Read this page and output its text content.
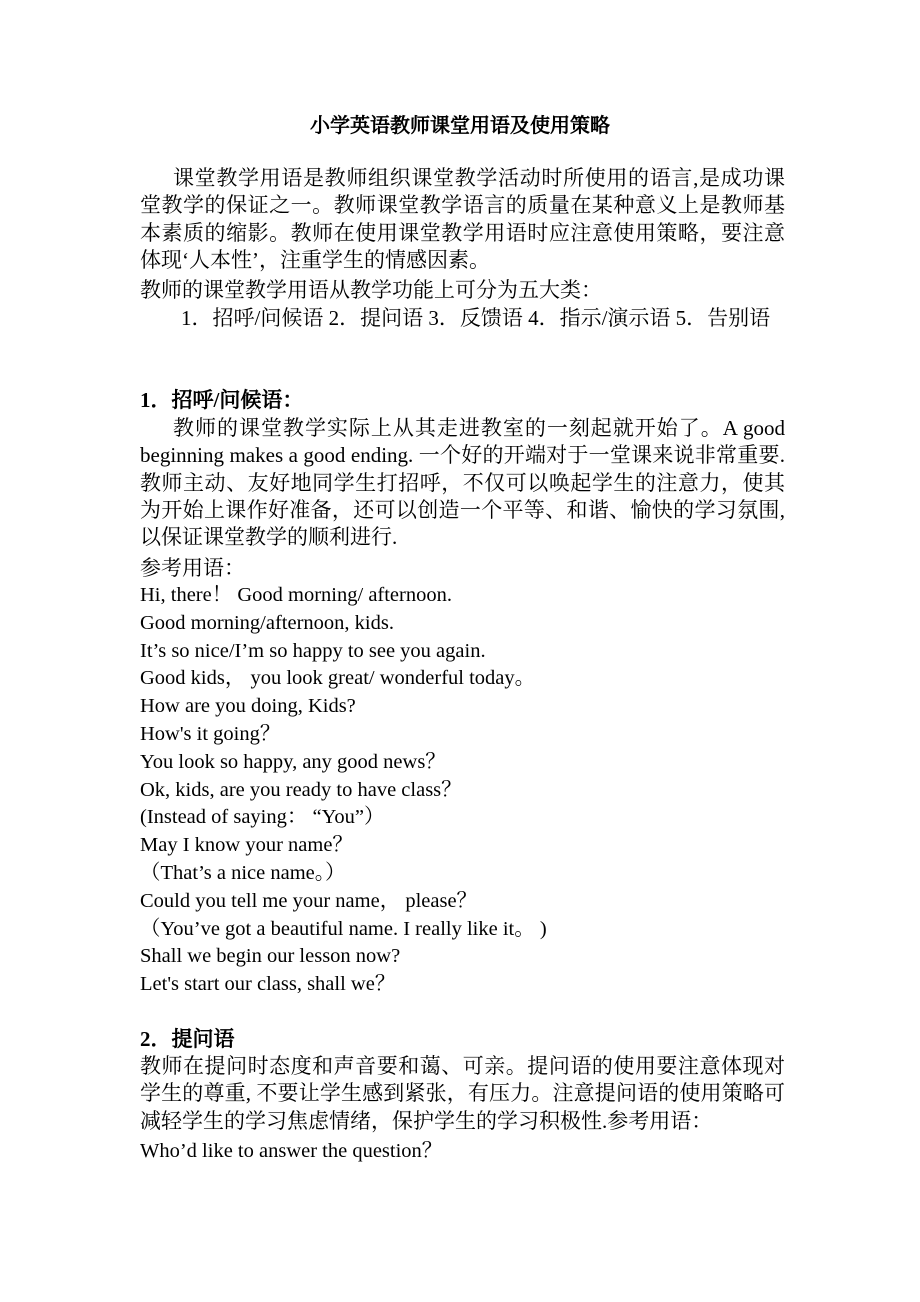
小学英语教师课堂用语及使用策略

课堂教学用语是教师组织课堂教学活动时所使用的语言,是成功课堂教学的保证之一。教师课堂教学语言的质量在某种意义上是教师基本素质的缩影。教师在使用课堂教学用语时应注意使用策略，要注意体现‘人本性’，注重学生的情感因素。

教师的课堂教学用语从教学功能上可分为五大类：

1．招呼/问候语 2．提问语 3．反馈语 4．指示/演示语 5．告别语

1．招呼/问候语：

教师的课堂教学实际上从其走进教室的一刻起就开始了。A good beginning makes a good ending. 一个好的开端对于一堂课来说非常重要.教师主动、友好地同学生打招呼，不仅可以唤起学生的注意力，使其为开始上课作好准备，还可以创造一个平等、和谐、愉快的学习氛围, 以保证课堂教学的顺利进行.

参考用语：

Hi, there！ Good morning/ afternoon.
Good morning/afternoon, kids.
It’s so nice/I’m so happy to see you again.
Good kids， you look great/ wonderful today。
How are you doing, Kids?
How's it going？
You look so happy, any good news？
Ok, kids, are you ready to have class？
(Instead of saying： “You”）
May I know your name？
（That’s a nice name。）
Could you tell me your name， please？
（You’ve got a beautiful name. I really like it。 )
Shall we begin our lesson now?
Let's start our class, shall we？

2．提问语

教师在提问时态度和声音要和蔼、可亲。提问语的使用要注意体现对学生的尊重, 不要让学生感到紧张，有压力。注意提问语的使用策略可减轻学生的学习焦虑情绪，保护学生的学习积极性.参考用语：

Who’d like to answer the question？
